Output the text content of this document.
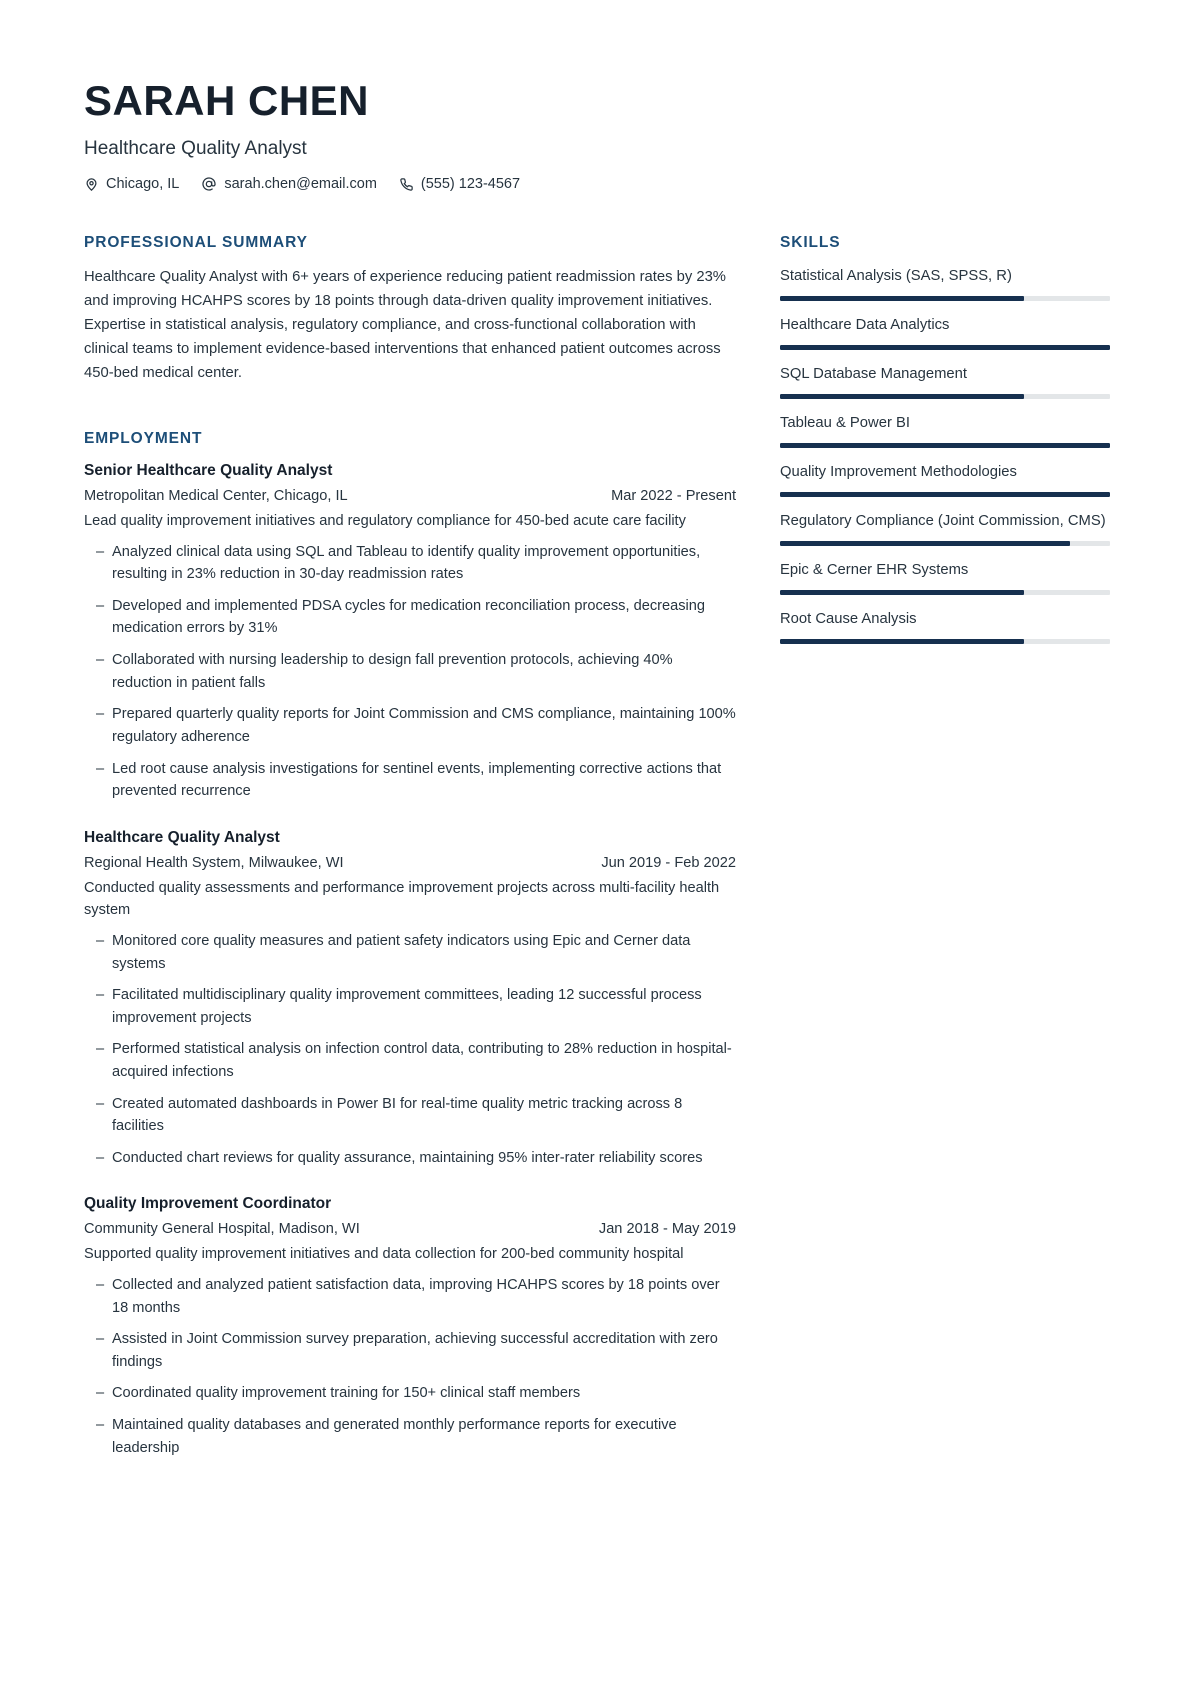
SARAH CHEN
Healthcare Quality Analyst
Chicago, IL	sarah.chen@email.com	(555) 123-4567
PROFESSIONAL SUMMARY

Healthcare Quality Analyst with 6+ years of experience reducing patient readmission rates by 23% and improving HCAHPS scores by 18 points through data-driven quality improvement initiatives. Expertise in statistical analysis, regulatory compliance, and cross-functional collaboration with clinical teams to implement evidence-based interventions that enhanced patient outcomes across 450-bed medical center.

EMPLOYMENT
Senior Healthcare Quality Analyst
Metropolitan Medical Center, Chicago, IL	Mar 2022 - Present
Lead quality improvement initiatives and regulatory compliance for 450-bed acute care facility
– Analyzed clinical data using SQL and Tableau to identify quality improvement opportunities, resulting in 23% reduction in 30-day readmission rates
– Developed and implemented PDSA cycles for medication reconciliation process, decreasing medication errors by 31%
– Collaborated with nursing leadership to design fall prevention protocols, achieving 40% reduction in patient falls
– Prepared quarterly quality reports for Joint Commission and CMS compliance, maintaining 100% regulatory adherence
– Led root cause analysis investigations for sentinel events, implementing corrective actions that prevented recurrence
Healthcare Quality Analyst
Regional Health System, Milwaukee, WI	Jun 2019 - Feb 2022
Conducted quality assessments and performance improvement projects across multi-facility health system
– Monitored core quality measures and patient safety indicators using Epic and Cerner data systems
– Facilitated multidisciplinary quality improvement committees, leading 12 successful process improvement projects
– Performed statistical analysis on infection control data, contributing to 28% reduction in hospital-acquired infections
– Created automated dashboards in Power BI for real-time quality metric tracking across 8 facilities
– Conducted chart reviews for quality assurance, maintaining 95% inter-rater reliability scores
Quality Improvement Coordinator
Community General Hospital, Madison, WI	Jan 2018 - May 2019
Supported quality improvement initiatives and data collection for 200-bed community hospital
– Collected and analyzed patient satisfaction data, improving HCAHPS scores by 18 points over 18 months
– Assisted in Joint Commission survey preparation, achieving successful accreditation with zero findings
– Coordinated quality improvement training for 150+ clinical staff members
– Maintained quality databases and generated monthly performance reports for executive leadership
SKILLS
Statistical Analysis (SAS, SPSS, R)
Healthcare Data Analytics
SQL Database Management
Tableau & Power BI
Quality Improvement Methodologies
Regulatory Compliance (Joint Commission, CMS)
Epic & Cerner EHR Systems
Root Cause Analysis
